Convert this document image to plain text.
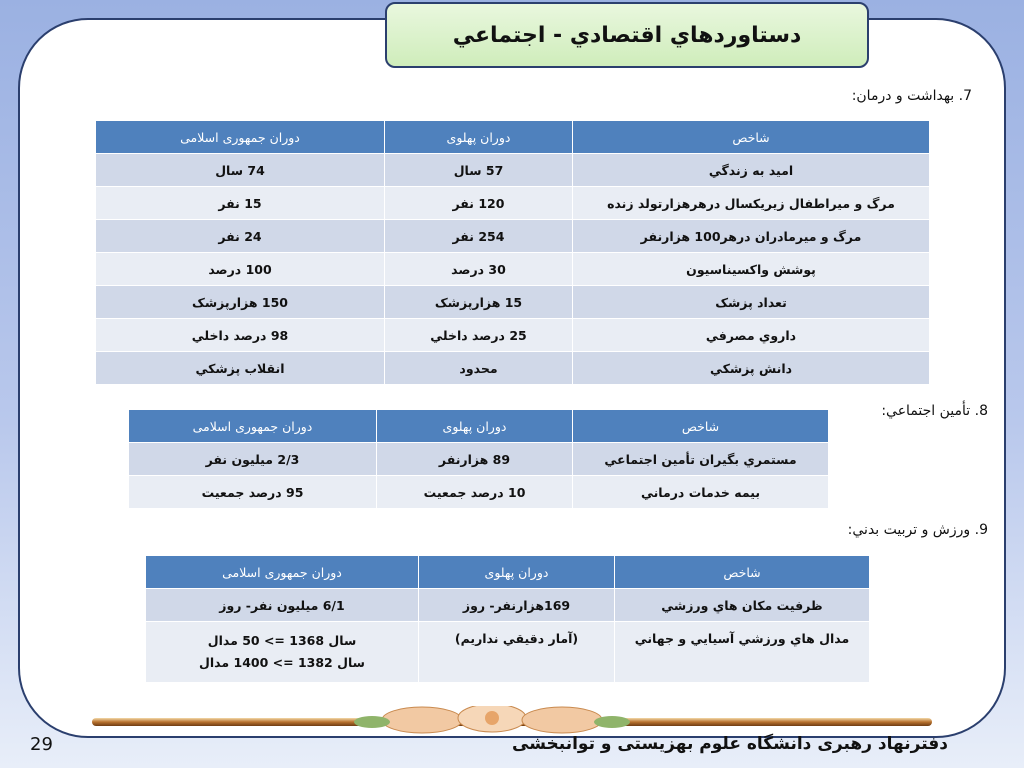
دستاوردهاي اقتصادي - اجتماعي
7. بهداشت و درمان:
شاخص	دوران پهلوی	دوران جمهوری اسلامی
اميد به زندگي	57 سال	74 سال
مرگ و میراطفال زیریکسال درهرهزارتولد زنده	120 نفر	15 نفر
مرگ و میرمادران درهر100 هزارنفر	254 نفر	24 نفر
پوشش واکسیناسیون	30 درصد	100 درصد
تعداد پزشک	15 هزارپزشک	150 هزارپزشک
داروي مصرفي	25 درصد داخلي	98 درصد داخلي
دانش پزشكي	محدود	انقلاب پزشكي
8. تأمين اجتماعي:
شاخص	دوران پهلوی	دوران جمهوری اسلامی
مستمري بگيران تأمين اجتماعي	89 هزارنفر	2/3 ميليون نفر
بيمه خدمات درماني	10 درصد جمعيت	95 درصد جمعيت
9. ورزش و تربيت بدني:
شاخص	دوران پهلوی	دوران جمهوری اسلامی
ظرفيت مكان هاي ورزشي	169هزارنفر- روز	6/1 ميليون نفر- روز
مدال هاي ورزشي آسيايي و جهاني	(آمار دقيقي نداريم)	سال 1368 => 50 مدال
سال 1382 => 1400 مدال
دفترنهاد رهبری دانشگاه علوم بهزیستی و توانبخشی
29
